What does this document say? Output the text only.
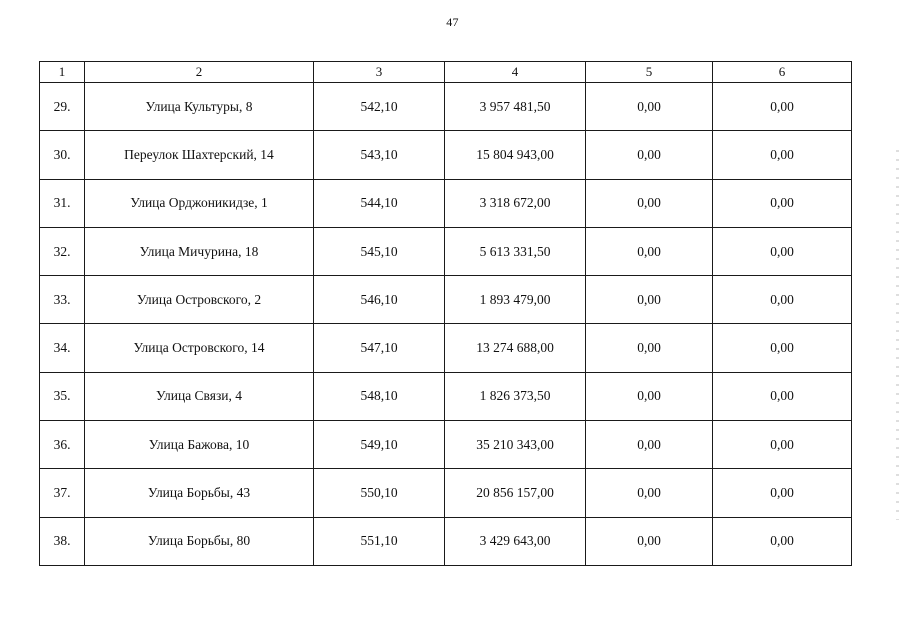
47
1	2	3	4	5	6
29.	Улица Культуры, 8	542,10	3 957 481,50	0,00	0,00
30.	Переулок Шахтерский, 14	543,10	15 804 943,00	0,00	0,00
31.	Улица Орджоникидзе, 1	544,10	3 318 672,00	0,00	0,00
32.	Улица Мичурина, 18	545,10	5 613 331,50	0,00	0,00
33.	Улица Островского, 2	546,10	1 893 479,00	0,00	0,00
34.	Улица Островского, 14	547,10	13 274 688,00	0,00	0,00
35.	Улица Связи, 4	548,10	1 826 373,50	0,00	0,00
36.	Улица Бажова, 10	549,10	35 210 343,00	0,00	0,00
37.	Улица Борьбы, 43	550,10	20 856 157,00	0,00	0,00
38.	Улица Борьбы, 80	551,10	3 429 643,00	0,00	0,00
